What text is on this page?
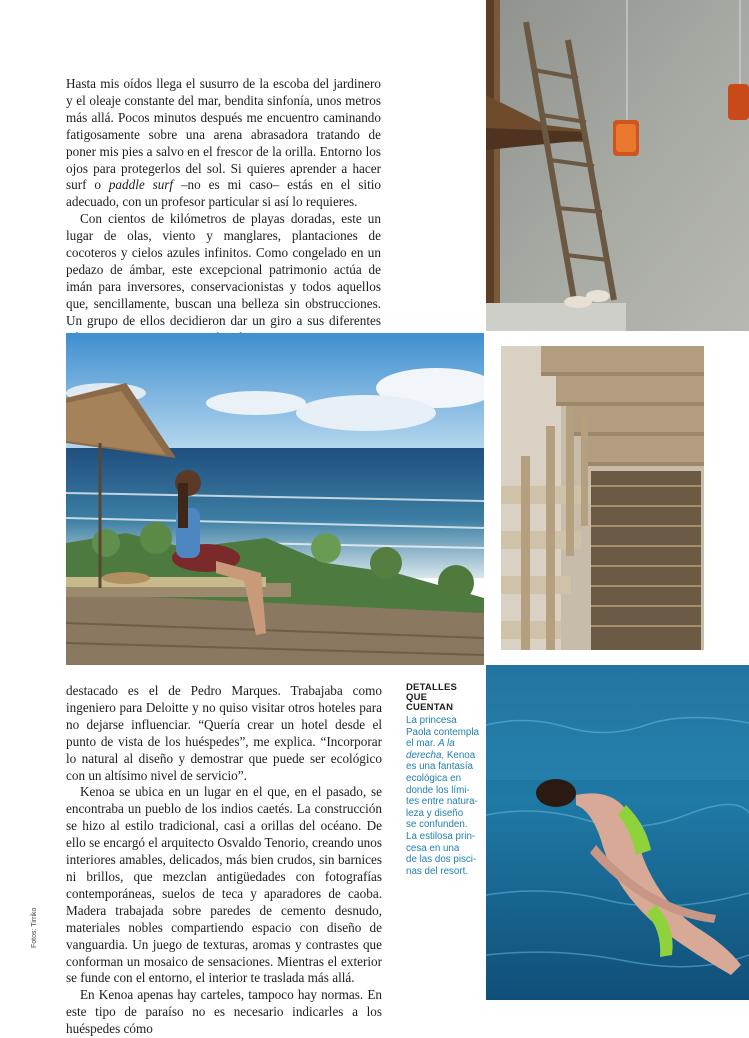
Hasta mis oídos llega el susurro de la escoba del jardinero y el oleaje constante del mar, bendita sinfonía, unos metros más allá. Pocos minutos después me encuentro caminando fatigosamente sobre una arena abrasadora tratando de poner mis pies a salvo en el frescor de la orilla. Entorno los ojos para protegerlos del sol. Si quieres aprender a hacer surf o paddle surf –no es mi caso– estás en el sitio adecuado, con un profesor particular si así lo requieres.

Con cientos de kilómetros de playas doradas, este un lugar de olas, viento y manglares, plantaciones de cocoteros y cielos azules infinitos. Como congelado en un pedazo de ámbar, este excepcional patrimonio actúa de imán para inversores, conservacionistas y todos aquellos que, sencillamente, buscan una belleza sin obstrucciones. Un grupo de ellos decidieron dar un giro a sus diferentes

destacado es el de Pedro Marques. Trabajaba como ingeniero para Deloitte y no quiso visitar otros hoteles para no dejarse influenciar. “Quería crear un hotel desde el punto de vista de los huéspedes”, me explica. “Incorporar lo natural al diseño y demostrar que puede ser ecológico con un altísimo nivel de servicio”.

Kenoa se ubica en un lugar en el que, en el pasado, se encontraba un pueblo de los indios caetés. La construcción se hizo al estilo tradicional, casi a orillas del océano. De ello se encargó el arquitecto Osvaldo Tenorio, creando unos interiores amables, delicados, más bien crudos, sin barnices ni brillos, que mezclan antigüedades con fotografías contemporáneas, suelos de teca y aparadores de caoba. Madera trabajada sobre paredes de cemento desnudo, materiales nobles compartiendo espacio con diseño de vanguardia. Un juego de texturas, aromas y contrastes que conforman un mosaico de sensaciones. Mientras el exterior se funde con el entorno, el interior te traslada más allá.

En Kenoa apenas hay carteles, tampoco hay normas. En este tipo de paraíso no es necesario indicarles a los huéspedes cómo

DETALLES QUE
CUENTAN
La princesa
Paola contempla
el mar. A la
derecha, Kenoa
es una fantasía
ecológica en
donde los lími-
tes entre natura-
leza y diseño
se confunden.
La estilosa prin-
cesa en una
de las dos pisci-
nas del resort.
Fotos: Tirriko
